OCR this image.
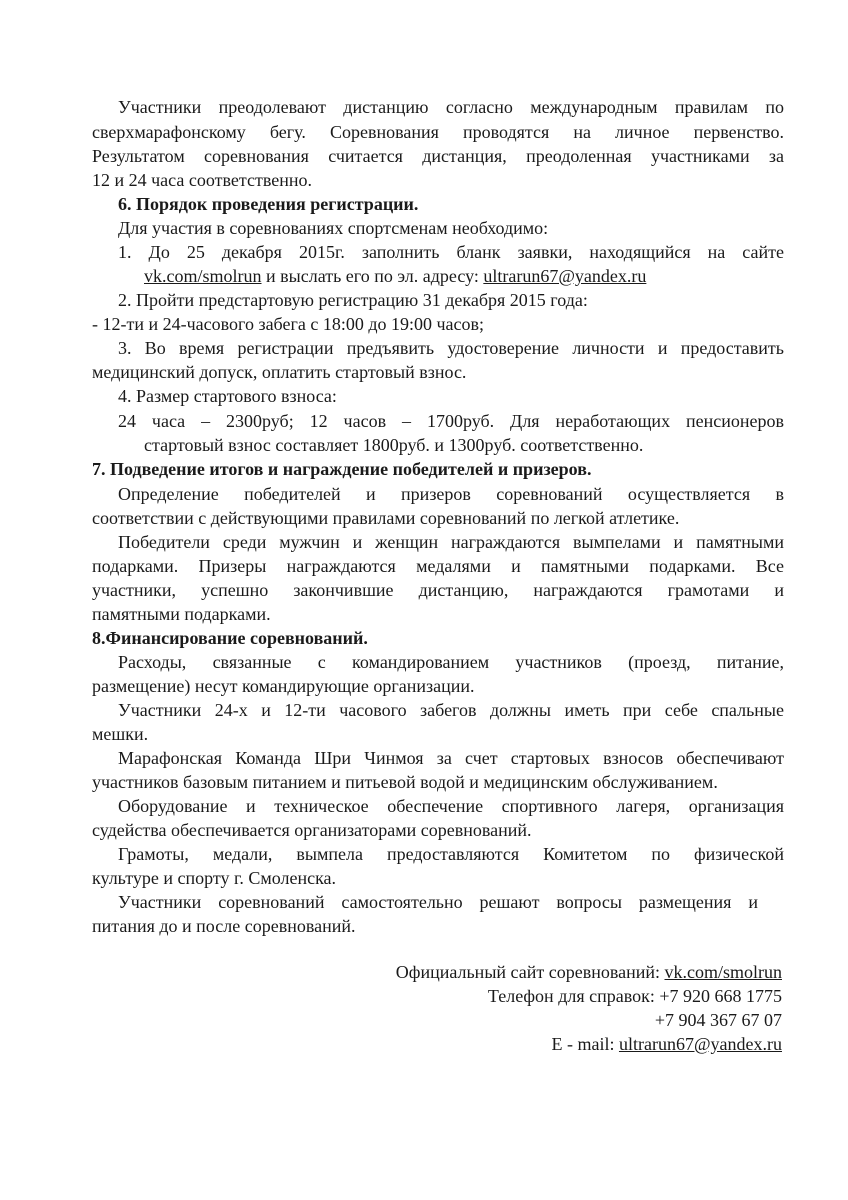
Участники преодолевают дистанцию согласно международным правилам по
сверхмарафонскому бегу. Соревнования проводятся на личное первенство.
Результатом соревнования считается дистанция, преодоленная участниками за
12 и 24 часа соответственно.
6. Порядок проведения регистрации.
Для участия в соревнованиях спортсменам необходимо:
1. До 25 декабря 2015г. заполнить бланк заявки, находящийся на сайте
vk.com/smolrun и выслать его по эл. адресу: ultrarun67@yandex.ru
2. Пройти предстартовую регистрацию 31 декабря 2015 года:
- 12-ти и 24-часового забега с 18:00 до 19:00 часов;
3. Во время регистрации предъявить удостоверение личности и предоставить
медицинский допуск, оплатить стартовый взнос.
4. Размер стартового взноса:
24 часа – 2300руб; 12 часов – 1700руб. Для неработающих пенсионеров
стартовый взнос составляет 1800руб. и 1300руб. соответственно.
7. Подведение итогов и награждение победителей и призеров.
Определение победителей и призеров соревнований осуществляется в
соответствии с действующими правилами соревнований по легкой атлетике.
Победители среди мужчин и женщин награждаются вымпелами и памятными
подарками. Призеры награждаются медалями и памятными подарками. Все
участники, успешно закончившие дистанцию, награждаются грамотами и
памятными подарками.
8.Финансирование соревнований.
Расходы, связанные с командированием участников (проезд, питание,
размещение) несут командирующие организации.
Участники 24-х и 12-ти часового забегов должны иметь при себе спальные
мешки.
Марафонская Команда Шри Чинмоя за счет стартовых взносов обеспечивают
участников базовым питанием и питьевой водой и медицинским обслуживанием.
Оборудование и техническое обеспечение спортивного лагеря, организация
судейства обеспечивается организаторами соревнований.
Грамоты, медали, вымпела предоставляются Комитетом по физической
культуре и спорту г. Смоленска.
Участники соревнований самостоятельно решают вопросы размещения и
питания до и после соревнований.
Официальный сайт соревнований: vk.com/smolrun
Телефон для справок: +7 920 668 1775
+7 904 367 67 07
E - mail: ultrarun67@yandex.ru
